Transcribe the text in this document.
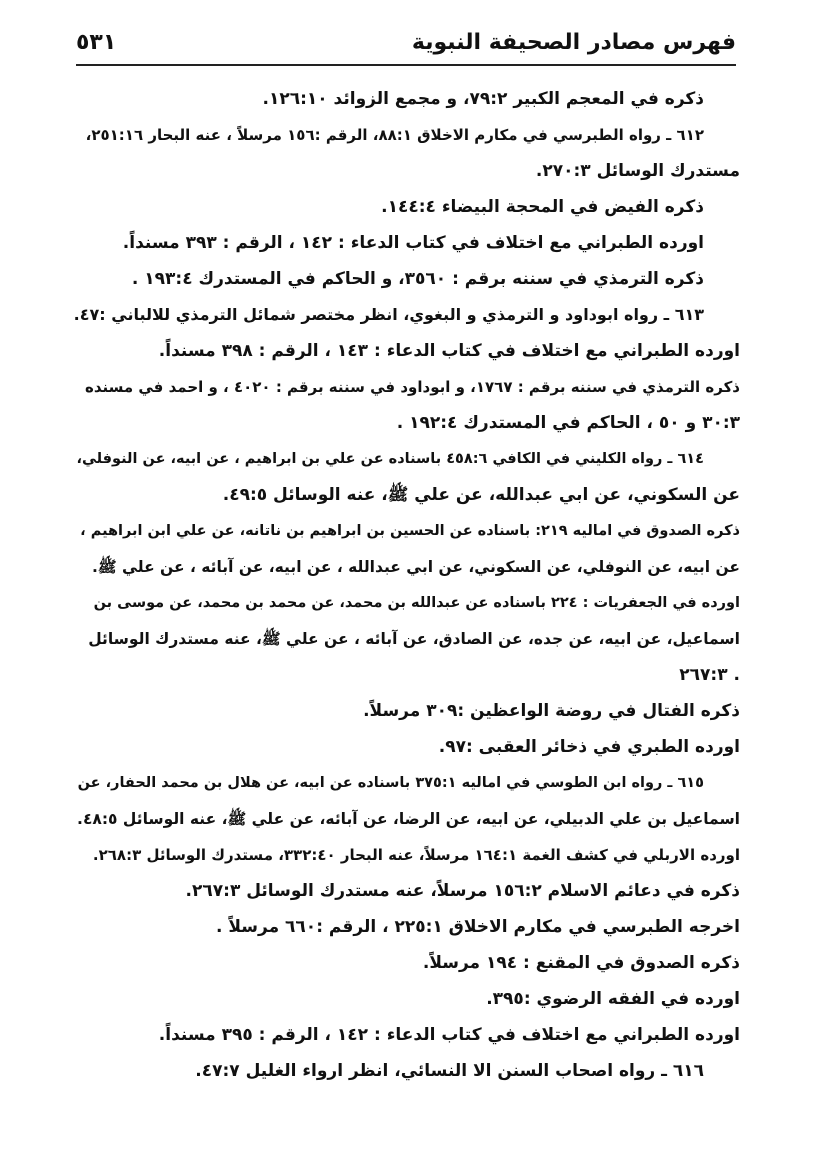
فهرس مصادر الصحيفة النبوية
٥٣١
ذكره في المعجم الكبير ٧٩:٢، و مجمع الزوائد ١٢٦:١٠.
٦١٢ ـ رواه الطبرسي في مكارم الاخلاق ٨٨:١، الرقم :١٥٦ مرسلاً ، عنه البحار ٢٥١:١٦،
مستدرك الوسائل ٢٧٠:٣.
ذكره الفيض في المحجة البيضاء ١٤٤:٤.
اورده الطبراني مع اختلاف في كتاب الدعاء : ١٤٢ ، الرقم : ٣٩٣ مسنداً.
ذكره الترمذي في سننه برقم : ٣٥٦٠، و الحاكم في المستدرك ١٩٣:٤ .
٦١٣ ـ رواه ابوداود و الترمذي و البغوي، انظر مختصر شمائل الترمذي للالباني :٤٧.
اورده الطبراني مع اختلاف في كتاب الدعاء : ١٤٣ ، الرقم : ٣٩٨ مسنداً.
ذكره الترمذي في سننه برقم : ١٧٦٧، و ابوداود في سننه برقم : ٤٠٢٠ ، و احمد في مسنده
٣٠:٣ و ٥٠ ، الحاكم في المستدرك ١٩٢:٤ .
٦١٤ ـ رواه الكليني في الكافي ٤٥٨:٦ باسناده عن علي بن ابراهيم ، عن ابيه، عن النوفلي،
عن السكوني، عن ابي عبدالله، عن علي ﷺ، عنه الوسائل ٤٩:٥.
ذكره الصدوق في اماليه ٢١٩: باسناده عن الحسين بن ابراهيم بن ناتانه، عن علي ابن ابراهيم ،
عن ابيه، عن النوفلي، عن السكوني، عن ابي عبدالله ، عن ابيه، عن آبائه ، عن علي ﷺ.
اورده في الجعفريات : ٢٢٤ باسناده عن عبدالله بن محمد، عن محمد بن محمد، عن موسى بن
اسماعيل، عن ابيه، عن جده، عن الصادق، عن آبائه ، عن علي ﷺ، عنه مستدرك الوسائل
. ٢٦٧:٣
ذكره الفتال في روضة الواعظين :٣٠٩ مرسلاً.
اورده الطبري في ذخائر العقبى :٩٧.
٦١٥ ـ رواه ابن الطوسي في اماليه ٣٧٥:١ باسناده عن ابيه، عن هلال بن محمد الحفار، عن
اسماعيل بن علي الدبيلي، عن ابيه، عن الرضا، عن آبائه، عن علي ﷺ، عنه الوسائل ٤٨:٥.
اورده الاربلي في كشف الغمة ١٦٤:١ مرسلاً، عنه البحار ٣٣٢:٤٠، مستدرك الوسائل ٢٦٨:٣.
ذكره في دعائم الاسلام ١٥٦:٢ مرسلاً، عنه مستدرك الوسائل ٢٦٧:٣.
اخرجه الطبرسي في مكارم الاخلاق ٢٢٥:١ ، الرقم :٦٦٠ مرسلاً .
ذكره الصدوق في المقنع : ١٩٤ مرسلاً.
اورده في الفقه الرضوي :٣٩٥.
اورده الطبراني مع اختلاف في كتاب الدعاء : ١٤٢ ، الرقم : ٣٩٥ مسنداً.
٦١٦ ـ رواه اصحاب السنن الا النسائي، انظر ارواء الغليل ٤٧:٧.
